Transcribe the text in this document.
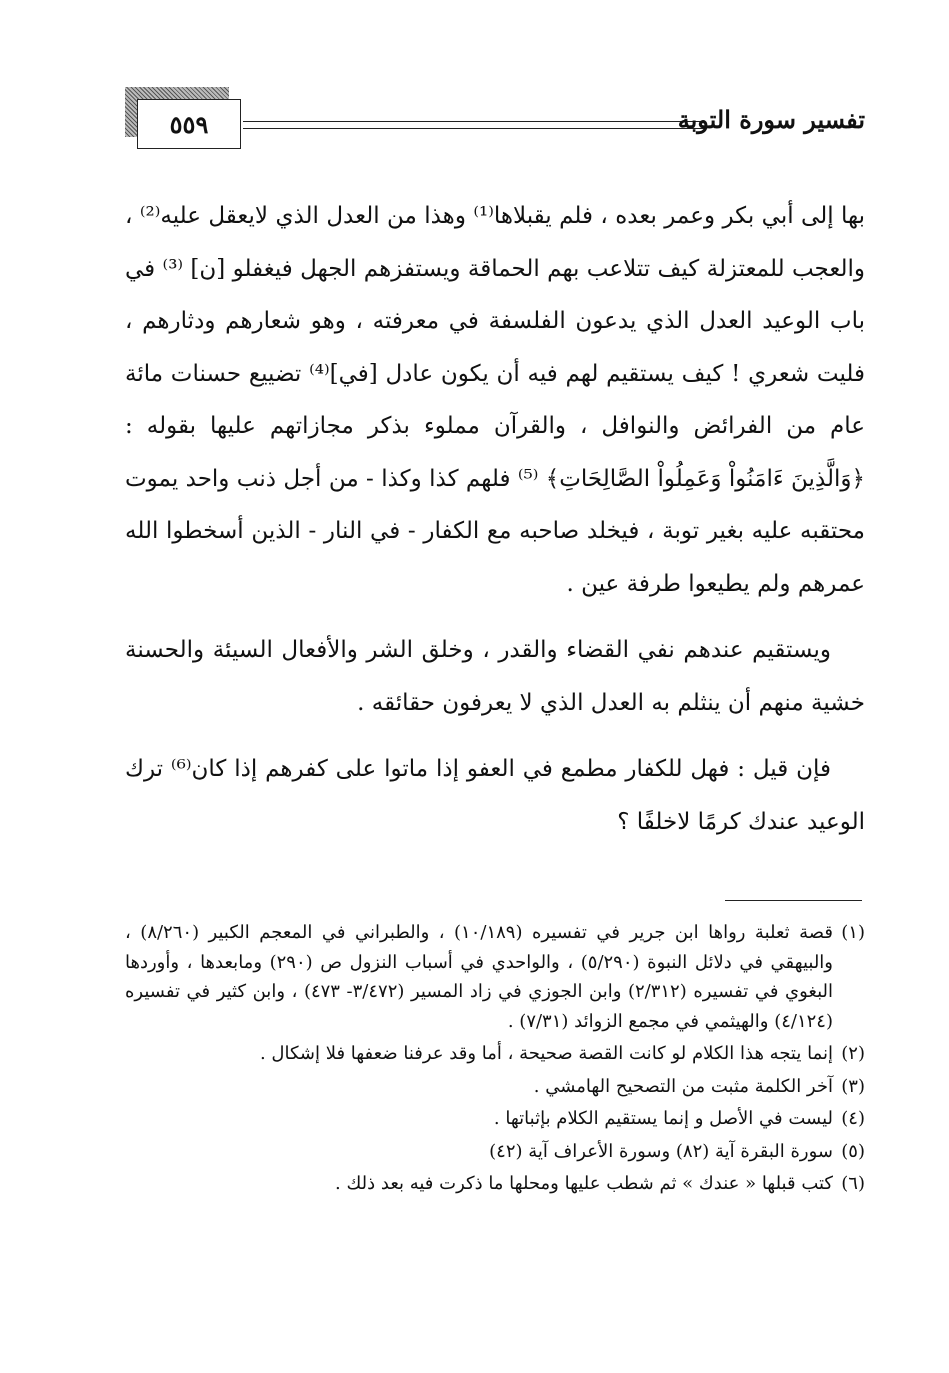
٥٥٩	تفسير سورة التوبة

بها إلى أبي بكر وعمر بعده ، فلم يقبلاها⁽¹⁾ وهذا من العدل الذي لايعقل عليه⁽²⁾ ، والعجب للمعتزلة كيف تتلاعب بهم الحماقة ويستفزهم الجهل فيغفلو [ن] ⁽³⁾ في باب الوعيد العدل الذي يدعون الفلسفة في معرفته ، وهو شعارهم ودثارهم ، فليت شعري ! كيف يستقيم لهم فيه أن يكون عادل [في]⁽⁴⁾ تضييع حسنات مائة عام من الفرائض والنوافل ، والقرآن مملوء بذكر مجازاتهم عليها بقوله : ﴿وَالَّذِينَ ءَامَنُواْ وَعَمِلُواْ الصَّالِحَاتِ﴾ ⁽⁵⁾ فلهم كذا وكذا - من أجل ذنب واحد يموت محتقبه عليه بغير توبة ، فيخلد صاحبه مع الكفار - في النار - الذين أسخطوا الله عمرهم ولم يطيعوا طرفة عين .

ويستقيم عندهم نفي القضاء والقدر ، وخلق الشر والأفعال السيئة والحسنة خشية منهم أن ينثلم به العدل الذي لا يعرفون حقائقه .

فإن قيل : فهل للكفار مطمع في العفو إذا ماتوا على كفرهم إذا كان⁽⁶⁾ ترك الوعيد عندك كرمًا لاخلفًا ؟

(١)
قصة ثعلبة رواها ابن جرير في تفسيره (١٠/١٨٩) ، والطبراني في المعجم الكبير (٨/٢٦٠) ، والبيهقي في دلائل النبوة (٥/٢٩٠) ، والواحدي في أسباب النزول ص (٢٩٠) ومابعدها ، وأوردها البغوي في تفسيره (٢/٣١٢) وابن الجوزي في زاد المسير (٣/٤٧٢- ٤٧٣) ، وابن كثير في تفسيره (٤/١٢٤) والهيثمي في مجمع الزوائد (٧/٣١) .
(٢)
إنما يتجه هذا الكلام لو كانت القصة صحيحة ، أما وقد عرفنا ضعفها فلا إشكال .
(٣)
آخر الكلمة مثبت من التصحيح الهامشي .
(٤)
ليست في الأصل و إنما يستقيم الكلام بإثباتها .
(٥)
سورة البقرة آية (٨٢) وسورة الأعراف آية (٤٢)
(٦)
كتب قبلها « عندك » ثم شطب عليها ومحلها ما ذكرت فيه بعد ذلك .
